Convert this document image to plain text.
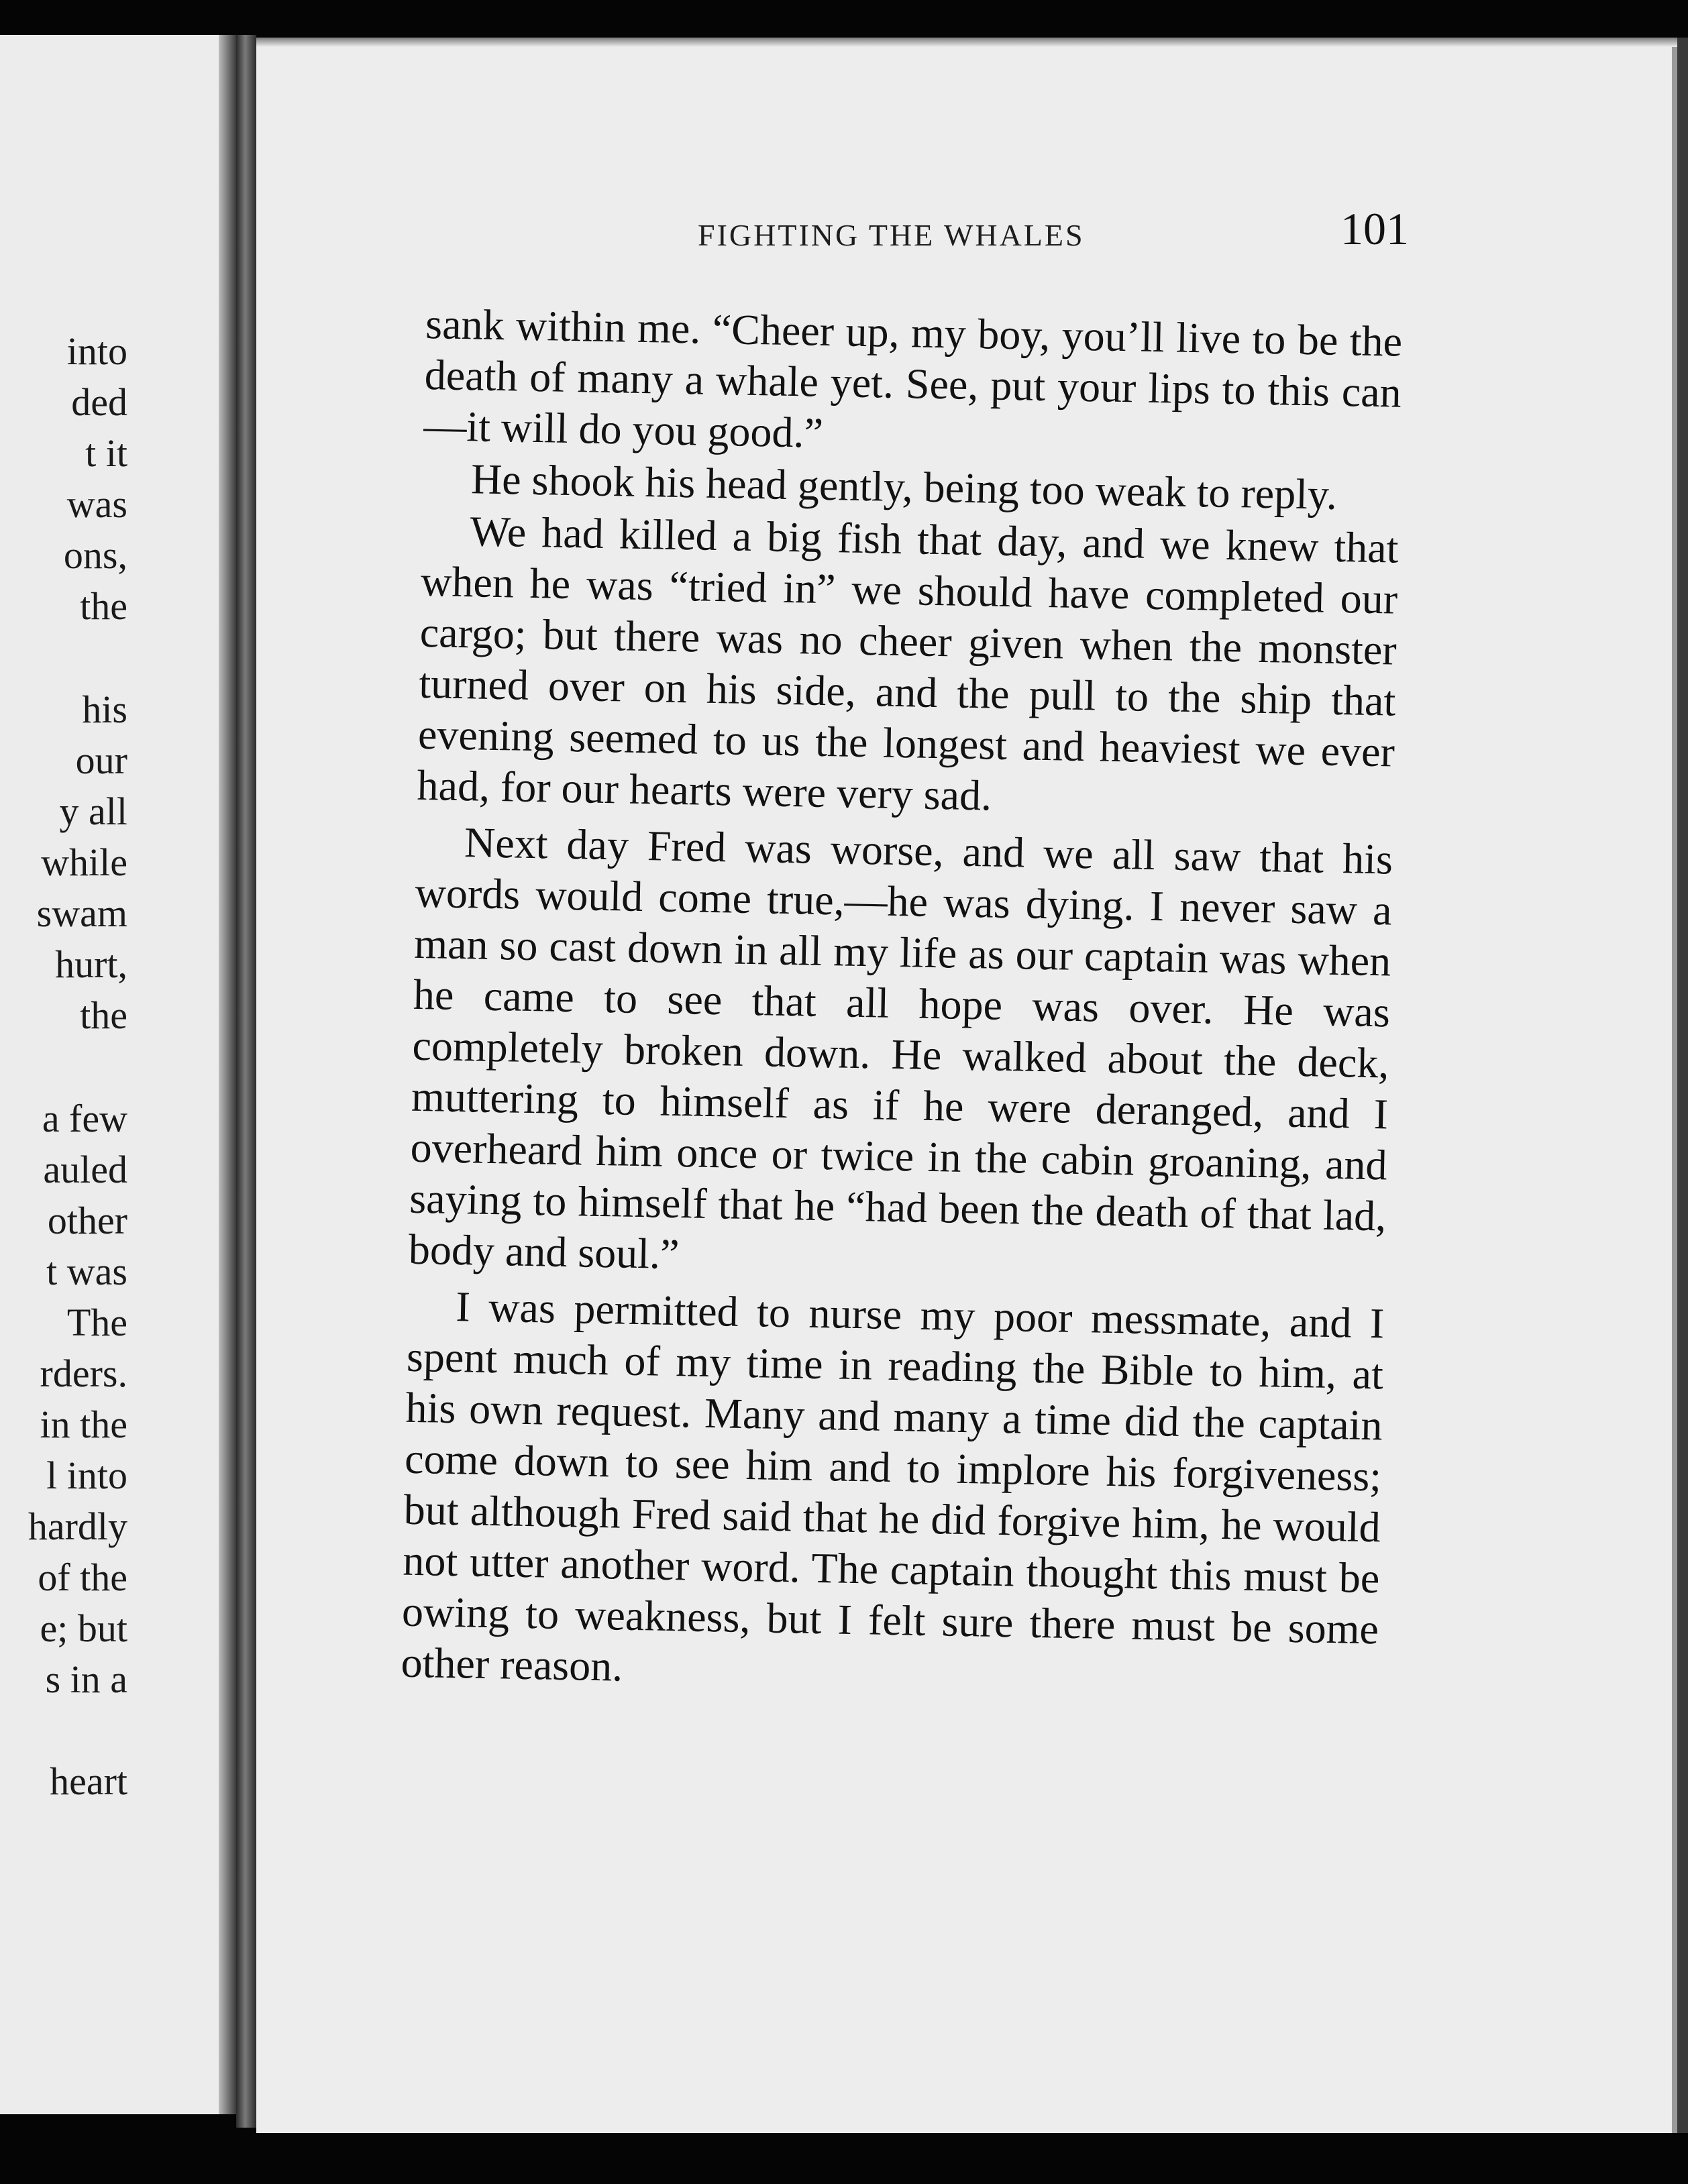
into
ded
t it
was
ons,
the
his
our
y all
while
swam
hurt,
the
a few
auled
other
t was
The
rders.
in the
l into
hardly
of the
e; but
s in a
heart
FIGHTING THE WHALES	101

sank within me. “Cheer up, my boy, you’ll live to be the death of many a whale yet. See, put your lips to this can—it will do you good.”

He shook his head gently, being too weak to reply.

We had killed a big fish that day, and we knew that when he was “tried in” we should have completed our cargo; but there was no cheer given when the monster turned over on his side, and the pull to the ship that evening seemed to us the longest and heaviest we ever had, for our hearts were very sad.

Next day Fred was worse, and we all saw that his words would come true,—he was dying. I never saw a man so cast down in all my life as our captain was when he came to see that all hope was over. He was completely broken down. He walked about the deck, muttering to himself as if he were deranged, and I overheard him once or twice in the cabin groaning, and saying to himself that he “had been the death of that lad, body and soul.”

I was permitted to nurse my poor messmate, and I spent much of my time in reading the Bible to him, at his own request. Many and many a time did the captain come down to see him and to implore his forgiveness; but although Fred said that he did forgive him, he would not utter another word. The captain thought this must be owing to weakness, but I felt sure there must be some other reason.
